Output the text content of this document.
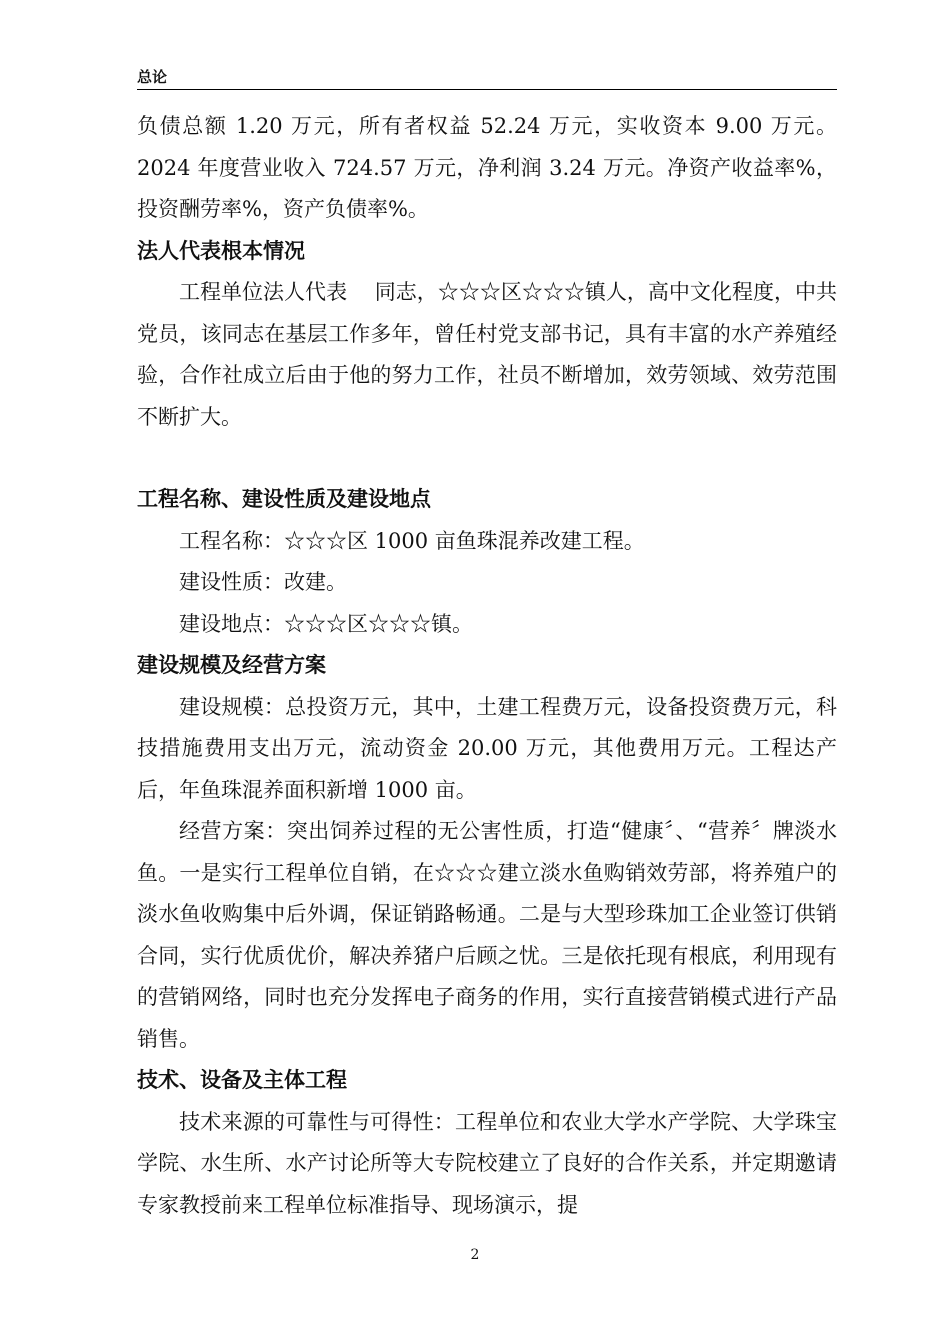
总论

负债总额 1.20 万元，所有者权益 52.24 万元，实收资本 9.00 万元。2024 年度营业收入 724.57 万元，净利润 3.24 万元。净资产收益率%，投资酬劳率%，资产负债率%。

法人代表根本情况

工程单位法人代表　 同志，☆☆☆区☆☆☆镇人，高中文化程度，中共党员，该同志在基层工作多年，曾任村党支部书记，具有丰富的水产养殖经验，合作社成立后由于他的努力工作，社员不断增加，效劳领域、效劳范围不断扩大。

工程名称、建设性质及建设地点

工程名称：☆☆☆区 1000 亩鱼珠混养改建工程。

建设性质：改建。

建设地点：☆☆☆区☆☆☆镇。

建设规模及经营方案

建设规模：总投资万元，其中，土建工程费万元，设备投资费万元，科技措施费用支出万元，流动资金 20.00 万元，其他费用万元。工程达产后，年鱼珠混养面积新增 1000 亩。

经营方案：突出饲养过程的无公害性质，打造“健康〞、“营养〞牌淡水鱼。一是实行工程单位自销，在☆☆☆建立淡水鱼购销效劳部，将养殖户的淡水鱼收购集中后外调，保证销路畅通。二是与大型珍珠加工企业签订供销合同，实行优质优价，解决养猪户后顾之忧。三是依托现有根底，利用现有的营销网络，同时也充分发挥电子商务的作用，实行直接营销模式进行产品销售。

技术、设备及主体工程

技术来源的可靠性与可得性：工程单位和农业大学水产学院、大学珠宝学院、水生所、水产讨论所等大专院校建立了良好的合作关系，并定期邀请专家教授前来工程单位标准指导、现场演示，提

2
